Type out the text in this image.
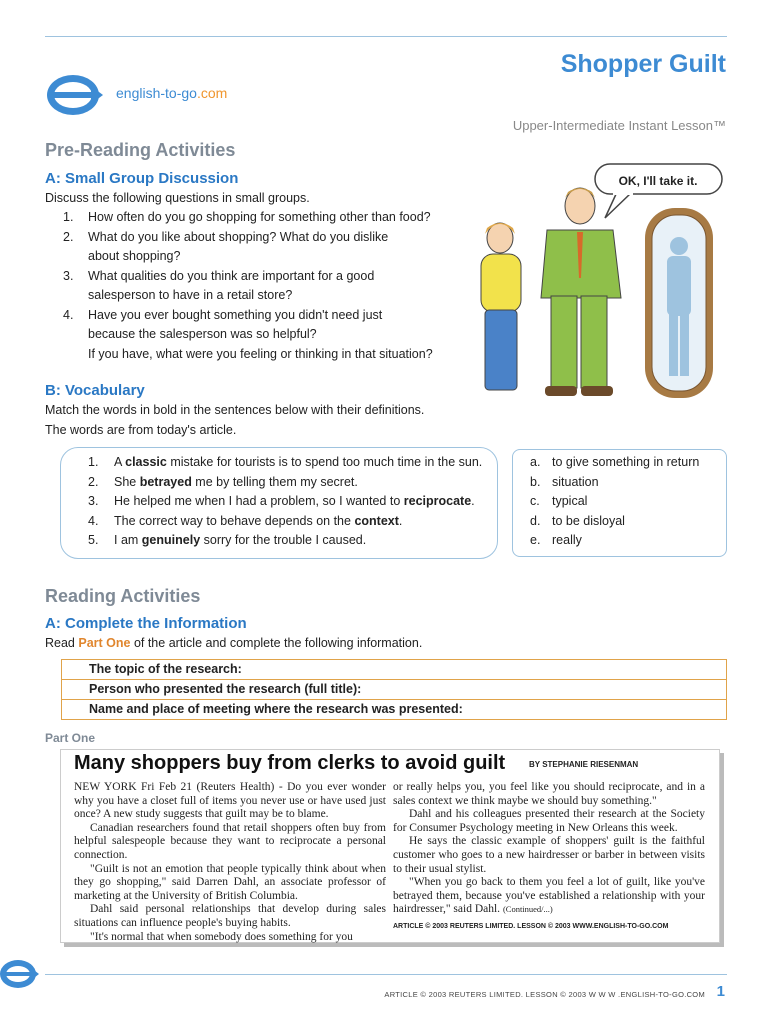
Shopper Guilt
english-to-go.com
Upper-Intermediate Instant Lesson™
Pre-Reading Activities
A: Small Group Discussion
Discuss the following questions in small groups.
1. How often do you go shopping for something other than food?
2. What do you like about shopping? What do you dislike
about shopping?
3. What qualities do you think are important for a good
salesperson to have in a retail store?
4. Have you ever bought something you didn't need just
because the salesperson was so helpful?
If you have, what were you feeling or thinking in that situation?
OK, I'll take it.
B: Vocabulary
Match the words in bold in the sentences below with their definitions.
The words are from today's article.
1. A classic mistake for tourists is to spend too much time in the sun.
2. She betrayed me by telling them my secret.
3. He helped me when I had a problem, so I wanted to reciprocate.
4. The correct way to behave depends on the context.
5. I am genuinely sorry for the trouble I caused.
a. to give something in return
b. situation
c. typical
d. to be disloyal
e. really
Reading Activities
A: Complete the Information
Read Part One of the article and complete the following information.
The topic of the research:
Person who presented the research (full title):
Name and place of meeting where the research was presented:
Part One
Many shoppers buy from clerks to avoid guilt	BY STEPHANIE RIESENMAN

NEW YORK Fri Feb 21 (Reuters Health) - Do you ever wonder why you have a closet full of items you never use or have used just once? A new study suggests that guilt may be to blame.

Canadian researchers found that retail shoppers often buy from helpful salespeople because they want to reciprocate a personal connection.

"Guilt is not an emotion that people typically think about when they go shopping," said Darren Dahl, an associate professor of marketing at the University of British Columbia.

Dahl said personal relationships that develop during sales situations can influence people's buying habits.

"It's normal that when somebody does something for you

or really helps you, you feel like you should reciprocate, and in a sales context we think maybe we should buy something."

Dahl and his colleagues presented their research at the Society for Consumer Psychology meeting in New Orleans this week.

He says the classic example of shoppers' guilt is the faithful customer who goes to a new hairdresser or barber in between visits to their usual stylist.

"When you go back to them you feel a lot of guilt, like you've betrayed them, because you've established a relationship with your hairdresser," said Dahl. (Continued/...)

ARTICLE © 2003 REUTERS LIMITED. LESSON © 2003 WWW.ENGLISH-TO-GO.COM

ARTICLE © 2003 REUTERS LIMITED. LESSON © 2003 W W W .ENGLISH-TO-GO.COM 1
